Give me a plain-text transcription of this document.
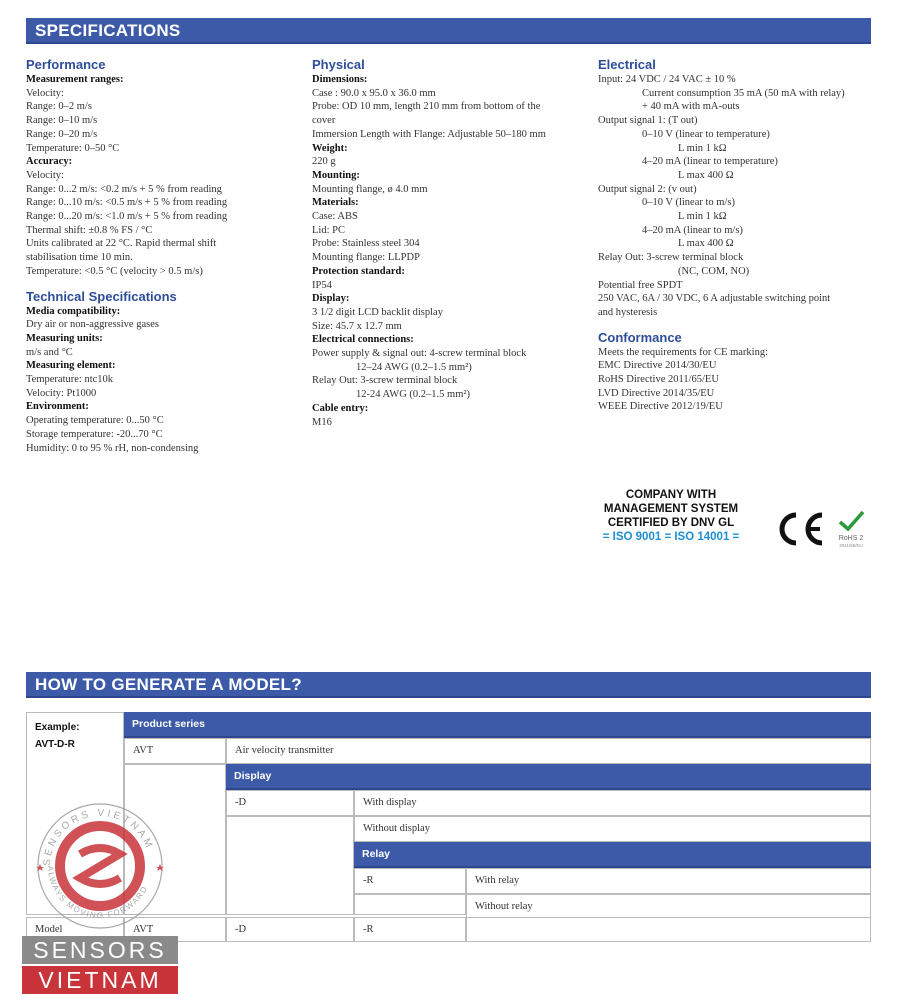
SPECIFICATIONS
Performance
Measurement ranges:
Velocity:
Range: 0–2 m/s
Range: 0–10 m/s
Range: 0–20 m/s
Temperature: 0–50 °C
Accuracy:
Velocity:
Range: 0...2 m/s: <0.2 m/s + 5 % from reading
Range: 0...10 m/s: <0.5 m/s + 5 % from reading
Range: 0...20 m/s: <1.0 m/s + 5 % from reading
Thermal shift: ±0.8 % FS / °C
Units calibrated at 22 °C. Rapid thermal shift
stabilisation time 10 min.
Temperature: <0.5 °C (velocity > 0.5 m/s)
Technical Specifications
Media compatibility:
Dry air or non-aggressive gases
Measuring units:
m/s and °C
Measuring element:
Temperature: ntc10k
Velocity: Pt1000
Environment:
Operating temperature: 0...50 °C
Storage temperature: -20...70 °C
Humidity: 0 to 95 % rH, non-condensing
Physical
Dimensions:
Case : 90.0 x 95.0 x 36.0 mm
Probe: OD 10 mm, length 210 mm from bottom of the
cover
Immersion Length with Flange: Adjustable 50–180 mm
Weight:
220 g
Mounting:
Mounting flange, ø 4.0 mm
Materials:
Case: ABS
Lid: PC
Probe: Stainless steel 304
Mounting flange: LLPDP
Protection standard:
IP54
Display:
3 1/2 digit LCD backlit display
Size: 45.7 x 12.7 mm
Electrical connections:
Power supply & signal out: 4-screw terminal block
12–24 AWG (0.2–1.5 mm²)
Relay Out: 3-screw terminal block
12-24 AWG (0.2–1.5 mm²)
Cable entry:
M16
Electrical
Input: 24 VDC / 24 VAC ± 10 %
Current consumption 35 mA (50 mA with relay)
+ 40 mA with mA-outs
Output signal 1: (T out)
0–10 V (linear to temperature)
L min 1 kΩ
4–20 mA (linear to temperature)
L max 400 Ω
Output signal 2: (v out)
0–10 V (linear to m/s)
L min 1 kΩ
4–20 mA (linear to m/s)
L max 400 Ω
Relay Out: 3-screw terminal block
(NC, COM, NO)
Potential free SPDT
250 VAC, 6A / 30 VDC, 6 A adjustable switching point
and hysteresis
Conformance
Meets the requirements for CE marking:
EMC Directive 2014/30/EU
RoHS Directive 2011/65/EU
LVD Directive 2014/35/EU
WEEE Directive 2012/19/EU
COMPANY WITH
MANAGEMENT SYSTEM
CERTIFIED BY DNV GL
= ISO 9001 = ISO 14001 =	RoHS 2
2011/65/EU
HOW TO GENERATE A MODEL?
Example:
AVT-D-R
Product series
AVT	Air velocity transmitter
Display
-D	With display
Without display
Relay
-R	With relay
Without relay
Model	AVT	-D	-R
SENSORS VIETNAM
ALWAYS MOVING FORWARD
SENSORS
VIETNAM
